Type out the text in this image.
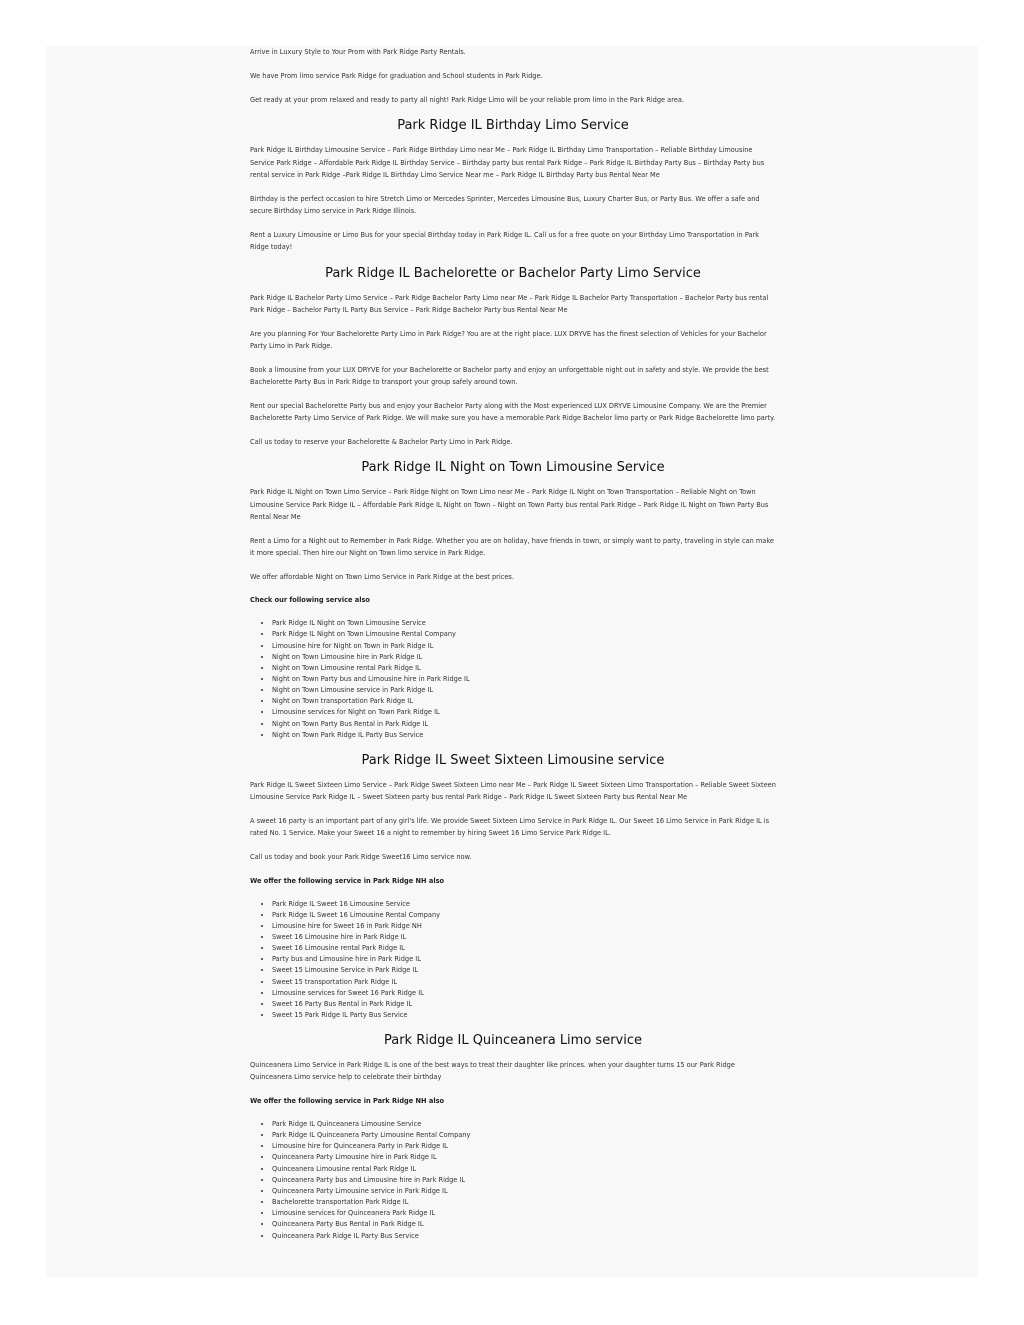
Arrive in Luxury Style to Your Prom with Park Ridge Party Rentals.

We have Prom limo service Park Ridge for graduation and School students in Park Ridge.

Get ready at your prom relaxed and ready to party all night! Park Ridge Limo will be your reliable prom limo in the Park Ridge area.

Park Ridge IL Birthday Limo Service

Park Ridge IL Birthday Limousine Service – Park Ridge Birthday Limo near Me – Park Ridge IL Birthday Limo Transportation – Reliable Birthday Limousine Service Park Ridge – Affordable Park Ridge IL Birthday Service – Birthday party bus rental Park Ridge – Park Ridge IL Birthday Party Bus – Birthday Party bus rental service in Park Ridge –Park Ridge IL Birthday Limo Service Near me – Park Ridge IL Birthday Party bus Rental Near Me

Birthday is the perfect occasion to hire Stretch Limo or Mercedes Sprinter, Mercedes Limousine Bus, Luxury Charter Bus, or Party Bus. We offer a safe and secure Birthday Limo service in Park Ridge Illinois.

Rent a Luxury Limousine or Limo Bus for your special Birthday today in Park Ridge IL. Call us for a free quote on your Birthday Limo Transportation in Park Ridge today!

Park Ridge IL Bachelorette or Bachelor Party Limo Service

Park Ridge IL Bachelor Party Limo Service – Park Ridge Bachelor Party Limo near Me – Park Ridge IL Bachelor Party Transportation – Bachelor Party bus rental Park Ridge – Bachelor Party IL Party Bus Service – Park Ridge Bachelor Party bus Rental Near Me

Are you planning For Your Bachelorette Party Limo in Park Ridge? You are at the right place. LUX DRYVE has the finest selection of Vehicles for your Bachelor Party Limo in Park Ridge.

Book a limousine from your LUX DRYVE for your Bachelorette or Bachelor party and enjoy an unforgettable night out in safety and style. We provide the best Bachelorette Party Bus in Park Ridge to transport your group safely around town.

Rent our special Bachelorette Party bus and enjoy your Bachelor Party along with the Most experienced LUX DRYVE Limousine Company. We are the Premier Bachelorette Party Limo Service of Park Ridge. We will make sure you have a memorable Park Ridge Bachelor limo party or Park Ridge Bachelorette limo party.

Call us today to reserve your Bachelorette & Bachelor Party Limo in Park Ridge.

Park Ridge IL Night on Town Limousine Service

Park Ridge IL Night on Town Limo Service – Park Ridge Night on Town Limo near Me – Park Ridge IL Night on Town Transportation – Reliable Night on Town Limousine Service Park Ridge IL – Affordable Park Ridge IL Night on Town – Night on Town Party bus rental Park Ridge – Park Ridge IL Night on Town Party Bus Rental Near Me

Rent a Limo for a Night out to Remember in Park Ridge. Whether you are on holiday, have friends in town, or simply want to party, traveling in style can make it more special. Then hire our Night on Town limo service in Park Ridge.

We offer affordable Night on Town Limo Service in Park Ridge at the best prices.

Check our following service also

• Park Ridge IL Night on Town Limousine Service
• Park Ridge IL Night on Town Limousine Rental Company
• Limousine hire for Night on Town in Park Ridge IL
• Night on Town Limousine hire in Park Ridge IL
• Night on Town Limousine rental Park Ridge IL
• Night on Town Party bus and Limousine hire in Park Ridge IL
• Night on Town Limousine service in Park Ridge IL
• Night on Town transportation Park Ridge IL
• Limousine services for Night on Town Park Ridge IL
• Night on Town Party Bus Rental in Park Ridge IL
• Night on Town Park Ridge IL Party Bus Service
Park Ridge IL Sweet Sixteen Limousine service

Park Ridge IL Sweet Sixteen Limo Service – Park Ridge Sweet Sixteen Limo near Me – Park Ridge IL Sweet Sixteen Limo Transportation – Reliable Sweet Sixteen Limousine Service Park Ridge IL – Sweet Sixteen party bus rental Park Ridge – Park Ridge IL Sweet Sixteen Party bus Rental Near Me

A sweet 16 party is an important part of any girl's life. We provide Sweet Sixteen Limo Service in Park Ridge IL. Our Sweet 16 Limo Service in Park Ridge IL is rated No. 1 Service. Make your Sweet 16 a night to remember by hiring Sweet 16 Limo Service Park Ridge IL.

Call us today and book your Park Ridge Sweet16 Limo service now.

We offer the following service in Park Ridge NH also

• Park Ridge IL Sweet 16 Limousine Service
• Park Ridge IL Sweet 16 Limousine Rental Company
• Limousine hire for Sweet 16 in Park Ridge NH
• Sweet 16 Limousine hire in Park Ridge IL
• Sweet 16 Limousine rental Park Ridge IL
• Party bus and Limousine hire in Park Ridge IL
• Sweet 15 Limousine Service in Park Ridge IL
• Sweet 15 transportation Park Ridge IL
• Limousine services for Sweet 16 Park Ridge IL
• Sweet 16 Party Bus Rental in Park Ridge IL
• Sweet 15 Park Ridge IL Party Bus Service
Park Ridge IL Quinceanera Limo service

Quinceanera Limo Service in Park Ridge IL is one of the best ways to treat their daughter like princes. when your daughter turns 15 our Park Ridge Quinceanera Limo service help to celebrate their birthday

We offer the following service in Park Ridge NH also

• Park Ridge IL Quinceanera Limousine Service
• Park Ridge IL Quinceanera Party Limousine Rental Company
• Limousine hire for Quinceanera Party in Park Ridge IL
• Quinceanera Party Limousine hire in Park Ridge IL
• Quinceanera Limousine rental Park Ridge IL
• Quinceanera Party bus and Limousine hire in Park Ridge IL
• Quinceanera Party Limousine service in Park Ridge IL
• Bachelorette transportation Park Ridge IL
• Limousine services for Quinceanera Park Ridge IL
• Quinceanera Party Bus Rental in Park Ridge IL
• Quinceanera Park Ridge IL Party Bus Service
